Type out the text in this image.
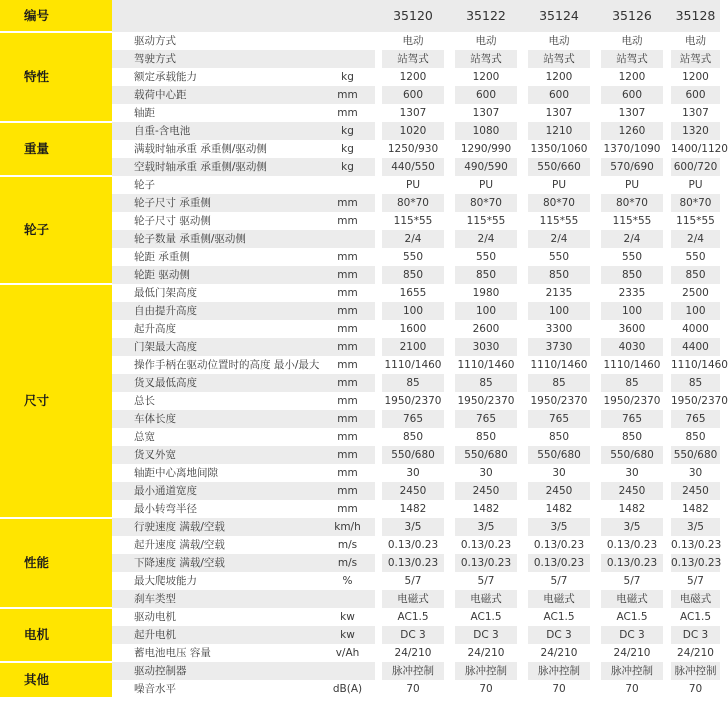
编号				35120		35122		35124		35126		35128
特性	驱动方式			电动		电动		电动		电动		电动
	驾驶方式			站驾式		站驾式		站驾式		站驾式		站驾式
	额定承载能力	kg		1200		1200		1200		1200		1200
	载荷中心距	mm		600		600		600		600		600
	轴距	mm		1307		1307		1307		1307		1307
重量	自重-含电池	kg		1020		1080		1210		1260		1320
	满载时轴承重 承重侧/驱动侧	kg		1250/930		1290/990		1350/1060		1370/1090		1400/1120
	空载时轴承重 承重侧/驱动侧	kg		440/550		490/590		550/660		570/690		600/720
轮子	轮子			PU		PU		PU		PU		PU
	轮子尺寸 承重侧	mm		80*70		80*70		80*70		80*70		80*70
	轮子尺寸 驱动侧	mm		115*55		115*55		115*55		115*55		115*55
	轮子数量 承重侧/驱动侧			2/4		2/4		2/4		2/4		2/4
	轮距 承重侧	mm		550		550		550		550		550
	轮距 驱动侧	mm		850		850		850		850		850
尺寸	最低门架高度	mm		1655		1980		2135		2335		2500
	自由提升高度	mm		100		100		100		100		100
	起升高度	mm		1600		2600		3300		3600		4000
	门架最大高度	mm		2100		3030		3730		4030		4400
	操作手柄在驱动位置时的高度 最小/最大	mm		1110/1460		1110/1460		1110/1460		1110/1460		1110/1460
	货叉最低高度	mm		85		85		85		85		85
	总长	mm		1950/2370		1950/2370		1950/2370		1950/2370		1950/2370
	车体长度	mm		765		765		765		765		765
	总宽	mm		850		850		850		850		850
	货叉外宽	mm		550/680		550/680		550/680		550/680		550/680
	轴距中心离地间隙	mm		30		30		30		30		30
	最小通道宽度	mm		2450		2450		2450		2450		2450
	最小转弯半径	mm		1482		1482		1482		1482		1482
性能	行驶速度 满载/空载	km/h		3/5		3/5		3/5		3/5		3/5
	起升速度 满载/空载	m/s		0.13/0.23		0.13/0.23		0.13/0.23		0.13/0.23		0.13/0.23
	下降速度 满载/空载	m/s		0.13/0.23		0.13/0.23		0.13/0.23		0.13/0.23		0.13/0.23
	最大爬坡能力	%		5/7		5/7		5/7		5/7		5/7
	刹车类型			电磁式		电磁式		电磁式		电磁式		电磁式
电机	驱动电机	kw		AC1.5		AC1.5		AC1.5		AC1.5		AC1.5
	起升电机	kw		DC 3		DC 3		DC 3		DC 3		DC 3
	蓄电池电压 容量	v/Ah		24/210		24/210		24/210		24/210		24/210
其他	驱动控制器			脉冲控制		脉冲控制		脉冲控制		脉冲控制		脉冲控制
	噪音水平	dB(A)		70		70		70		70		70
